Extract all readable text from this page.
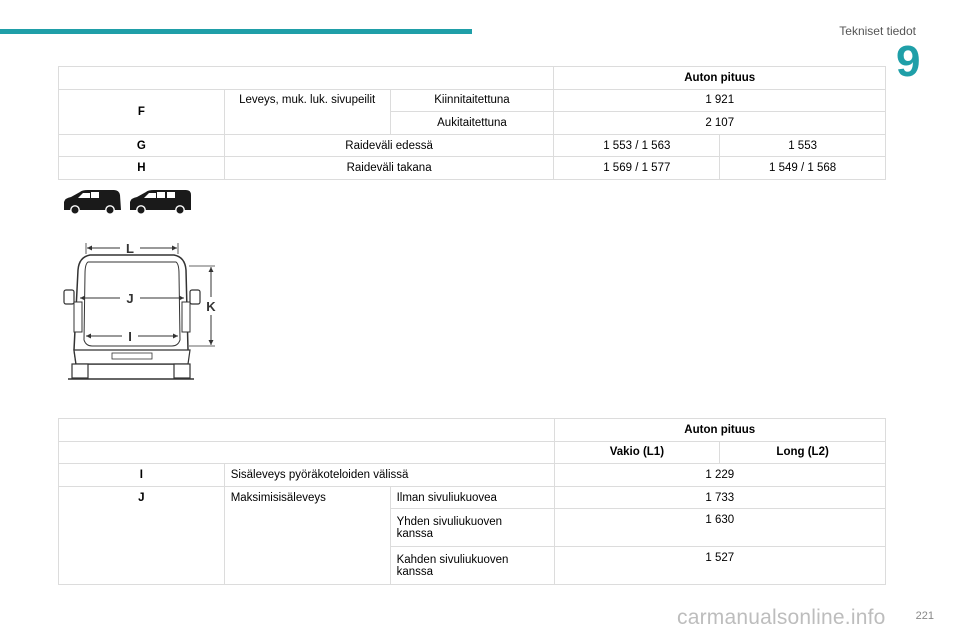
Tekniset tiedot
9
			Auton pituus	
F	Leveys, muk. luk. sivupeilit	Kiinnitaitettuna	1 921	
		Aukitaitettuna	2 107	
G	Raideväli edessä		1 553 / 1 563	1 553
H	Raideväli takana		1 569 / 1 577	1 549 / 1 568
L
J
I
K
			Auton pituus	
			Vakio (L1)	Long (L2)
I	Sisäleveys pyöräkoteloiden välissä		1 229	
J	Maksimisisäleveys	Ilman sivuliukuovea	1 733	

		Yhden sivuliukuoven kanssa	1 630	

		Kahden sivuliukuoven kanssa	1 527	
carmanualsonline.info	221
